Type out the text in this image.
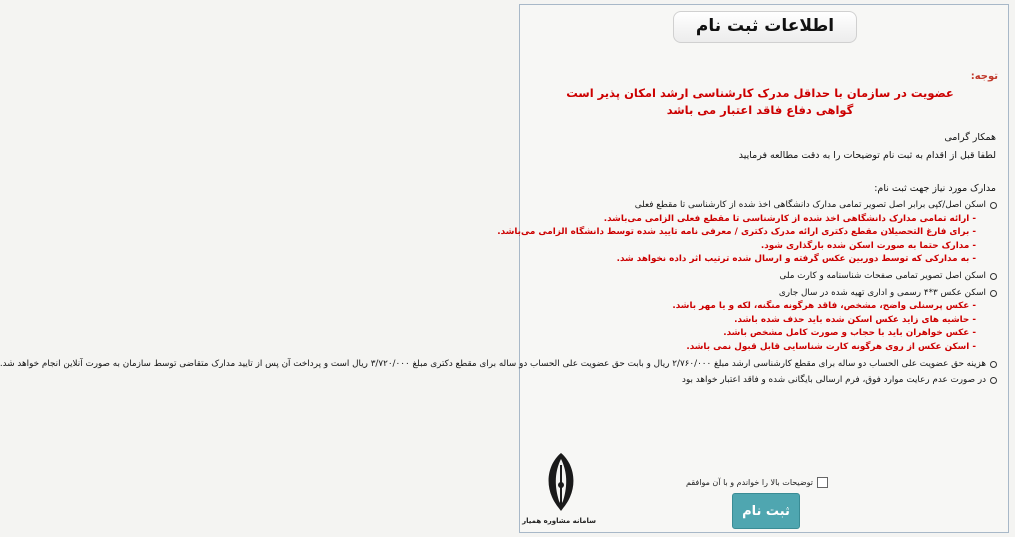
اطلاعات ثبت نام
توجه:
عضویت در سازمان با حداقل مدرک کارشناسی ارشد امکان پذیر است
گواهی دفاع فاقد اعتبار می باشد
همکار گرامی
لطفا قبل از اقدام به ثبت نام توضیحات را به دقت مطالعه فرمایید
مدارک مورد نیاز جهت ثبت نام:
اسکن اصل/کپی برابر اصل تصویر تمامی مدارک دانشگاهی اخذ شده از کارشناسی تا مقطع فعلی
- ارائه تمامی مدارک دانشگاهی اخذ شده از کارشناسی تا مقطع فعلی الزامی می‌باشد.
- برای فارغ التحصیلان مقطع دکتری ارائه مدرک دکتری / معرفی نامه تایید شده توسط دانشگاه الزامی می‌باشد.
- مدارک حتما به صورت اسکن شده بارگذاری شود.
- به مدارکی که توسط دوربین عکس گرفته و ارسال شده ترتیب اثر داده نخواهد شد.
اسکن اصل تصویر تمامی صفحات شناسنامه و کارت ملی
اسکن عکس ۳*۴ رسمی و اداری تهیه شده در سال جاری
- عکس پرسنلی واضح، مشخص، فاقد هرگونه منگنه، لکه و یا مهر باشد.
- حاشیه های زاید عکس اسکن شده باید حذف شده باشد.
- عکس خواهران باید با حجاب و صورت کامل مشخص باشد.
- اسکن عکس از روی هرگونه کارت شناسایی قابل قبول نمی باشد.
هزینه حق عضویت علی الحساب دو ساله برای مقطع کارشناسی ارشد مبلغ ۲/۷۶۰/۰۰۰ ریال و بابت حق عضویت علی الحساب دو ساله برای مقطع دکتری مبلغ ۳/۷۲۰/۰۰۰ ریال است و پرداخت آن پس از تایید مدارک متقاضی توسط سازمان به صورت آنلاین انجام خواهد شد.
در صورت عدم رعایت موارد فوق، فرم ارسالی بایگانی شده و فاقد اعتبار خواهد بود
توضیحات بالا را خواندم و با آن موافقم
ثبت نام
سامانه مشاوره همیار
